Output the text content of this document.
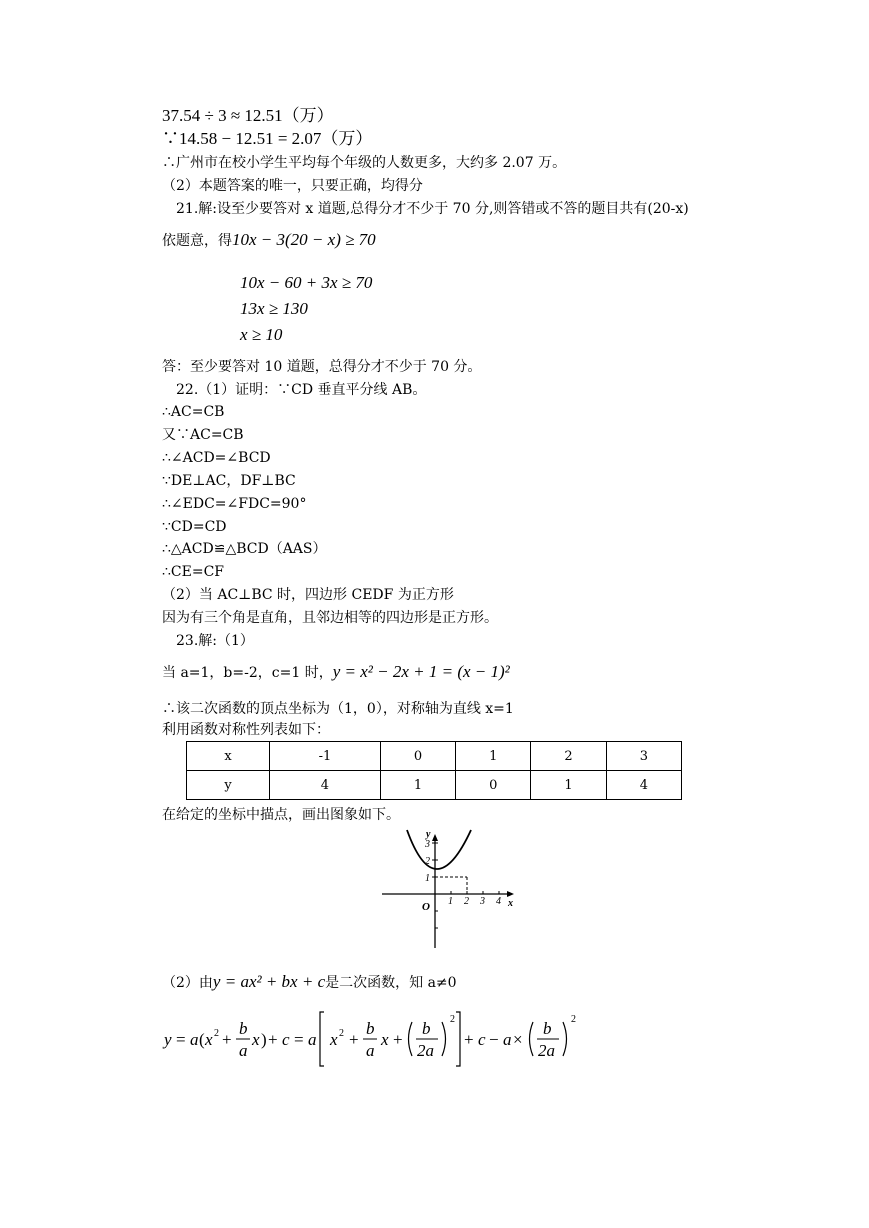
37.54 ÷ 3 ≈ 12.51（万）
∵14.58 − 12.51 = 2.07（万）
∴广州市在校小学生平均每个年级的人数更多，大约多 2.07 万。
（2）本题答案的唯一，只要正确，均得分
21.解:设至少要答对 x 道题,总得分才不少于 70 分,则答错或不答的题目共有(20-x)
依题意，得10x − 3(20 − x) ≥ 70
10x − 60 + 3x ≥ 70
13x ≥ 130
x ≥ 10
答：至少要答对 10 道题，总得分才不少于 70 分。
22.（1）证明：∵CD 垂直平分线 AB。
∴AC=CB
又∵AC=CB
∴∠ACD=∠BCD
∵DE⊥AC，DF⊥BC
∴∠EDC=∠FDC=90°
∵CD=CD
∴△ACD≌△BCD（AAS）
∴CE=CF
（2）当 AC⊥BC 时，四边形 CEDF 为正方形
因为有三个角是直角，且邻边相等的四边形是正方形。
23.解:（1）
当 a=1，b=-2，c=1 时，y = x² − 2x + 1 = (x − 1)²
∴该二次函数的顶点坐标为（1，0），对称轴为直线 x=1
利用函数对称性列表如下：
x	-1	0	1	2	3
y	4	1	0	1	4
在给定的坐标中描点，画出图象如下。
y
x
O
3
2
1
1 2 3 4
（2）由y = ax² + bx + c是二次函数，知 a≠0
y = a ( x 2 +
b
a
x ) + c = a x 2 +
b
a
x +
b
2a
2
+ c − a ×
b
2a
2
